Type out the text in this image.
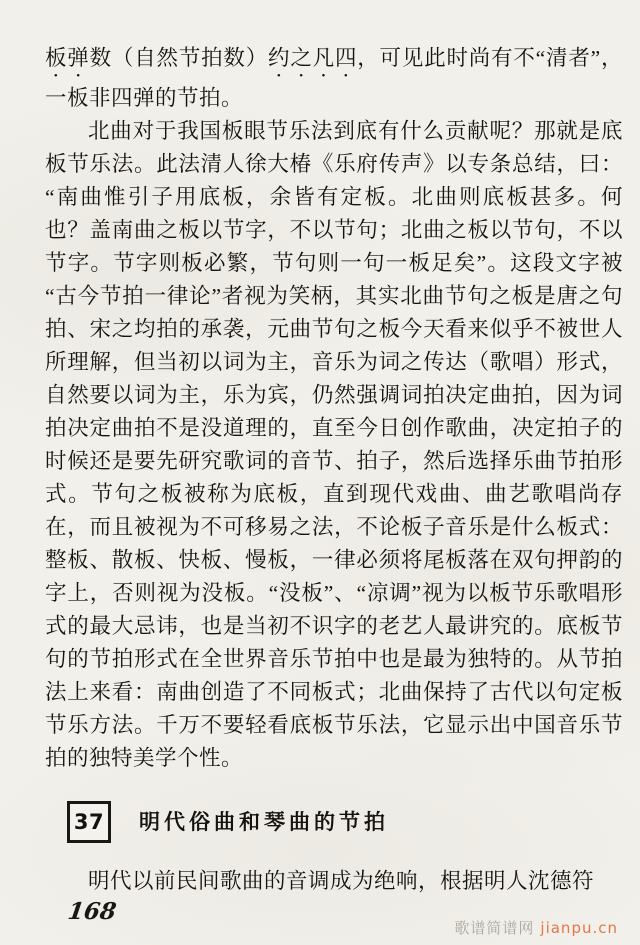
板弹数（自然节拍数）约之凡四，可见此时尚有不“清者”，一板非四弹的节拍。

北曲对于我国板眼节乐法到底有什么贡献呢？那就是底板节乐法。此法清人徐大椿《乐府传声》以专条总结，曰：“南曲惟引子用底板，余皆有定板。北曲则底板甚多。何也？盖南曲之板以节字，不以节句；北曲之板以节句，不以节字。节字则板必繁，节句则一句一板足矣”。这段文字被“古今节拍一律论”者视为笑柄，其实北曲节句之板是唐之句拍、宋之均拍的承袭，元曲节句之板今天看来似乎不被世人所理解，但当初以词为主，音乐为词之传达（歌唱）形式，自然要以词为主，乐为宾，仍然强调词拍决定曲拍，因为词拍决定曲拍不是没道理的，直至今日创作歌曲，决定拍子的时候还是要先研究歌词的音节、拍子，然后选择乐曲节拍形式。节句之板被称为底板，直到现代戏曲、曲艺歌唱尚存在，而且被视为不可移易之法，不论板子音乐是什么板式：整板、散板、快板、慢板，一律必须将尾板落在双句押韵的字上，否则视为没板。“没板”、“凉调”视为以板节乐歌唱形式的最大忌讳，也是当初不识字的老艺人最讲究的。底板节句的节拍形式在全世界音乐节拍中也是最为独特的。从节拍法上来看：南曲创造了不同板式；北曲保持了古代以句定板节乐方法。千万不要轻看底板节乐法，它显示出中国音乐节拍的独特美学个性。

37 明代俗曲和琴曲的节拍

明代以前民间歌曲的音调成为绝响，根据明人沈德符

168
歌谱简谱网 jianpu.cn
